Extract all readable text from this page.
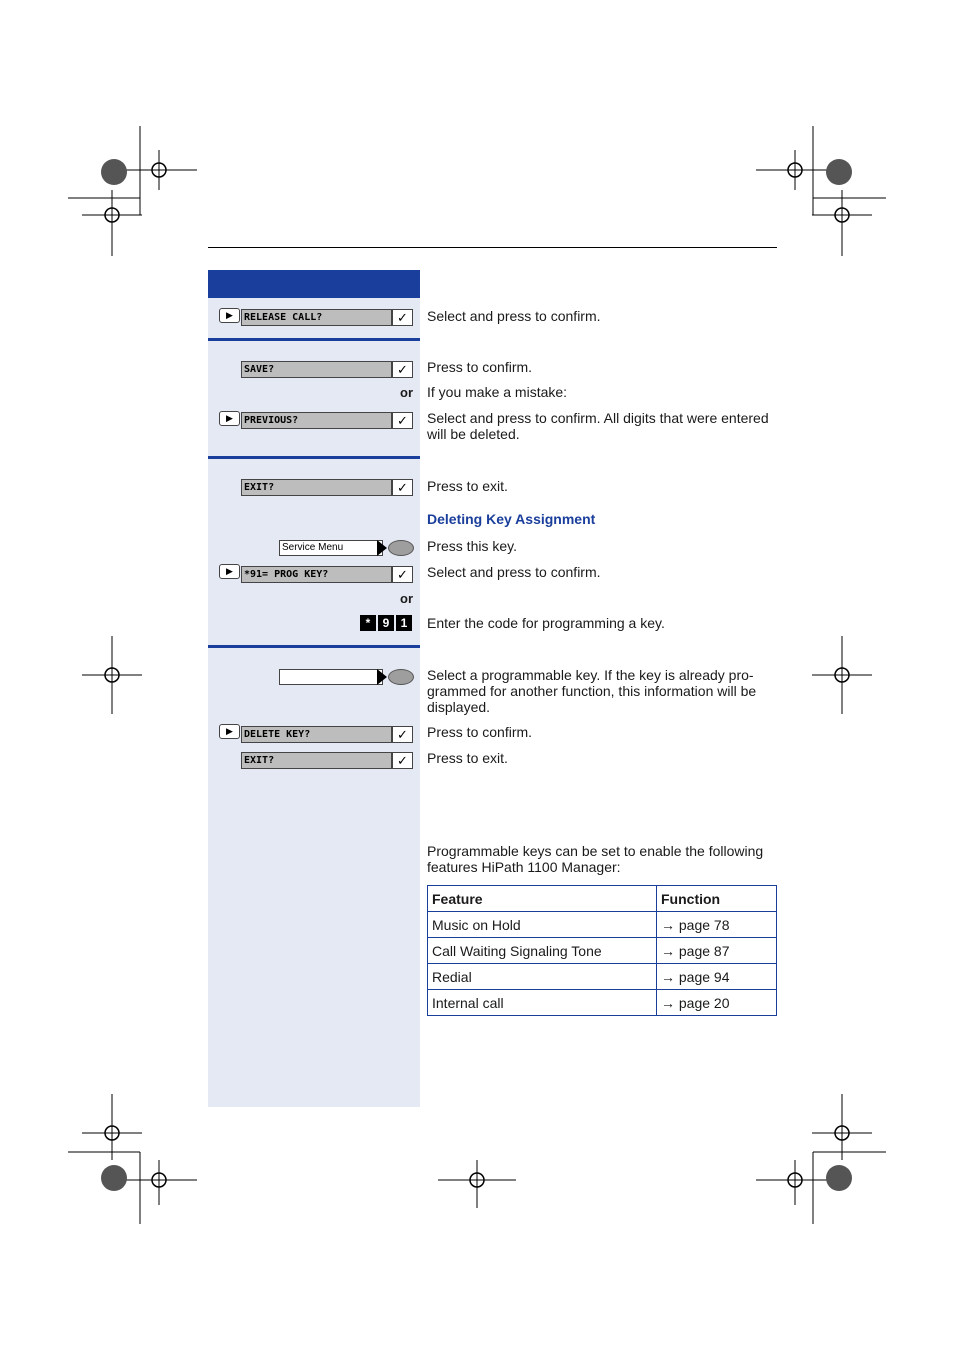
▶	RELEASE CALL?	✓	Select and press to confirm.
SAVE?	✓	Press to confirm.
or If you make a mistake:
▶	PREVIOUS?	✓	Select and press to confirm. All digits that were entered will be deleted.
EXIT?	✓	Press to exit.
Deleting Key Assignment
Service Menu	Press this key.
▶	*91= PROG KEY?	✓	Select and press to confirm.
or
*	9 1	Enter the code for programming a key.
Select a programmable key. If the key is already pro-grammed for another function, this information will be displayed.
▶	DELETE KEY?	✓	Press to confirm.
EXIT?	✓	Press to exit.
Programmable keys can be set to enable the following features HiPath 1100 Manager:
Feature	Function
Music on Hold	→ page 78
Call Waiting Signaling Tone	→ page 87
Redial	→ page 94
Internal call	→ page 20
